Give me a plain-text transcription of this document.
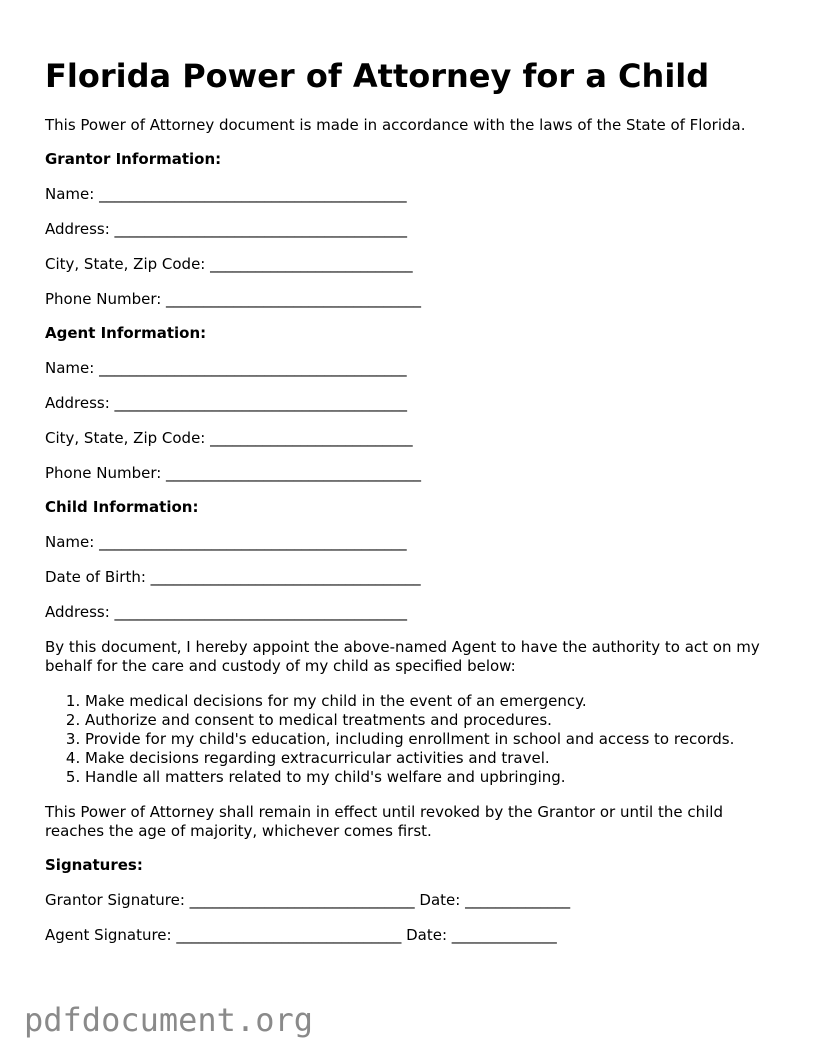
Florida Power of Attorney for a Child

This Power of Attorney document is made in accordance with the laws of the State of Florida.

Grantor Information:
Name: _________________________________________
Address: _______________________________________
City, State, Zip Code: ___________________________
Phone Number: __________________________________
Agent Information:
Name: _________________________________________
Address: _______________________________________
City, State, Zip Code: ___________________________
Phone Number: __________________________________
Child Information:
Name: _________________________________________
Date of Birth: ____________________________________
Address: _______________________________________

By this document, I hereby appoint the above-named Agent to have the authority to act on my behalf for the care and custody of my child as specified below:

1. Make medical decisions for my child in the event of an emergency.
2. Authorize and consent to medical treatments and procedures.
3. Provide for my child's education, including enrollment in school and access to records.
4. Make decisions regarding extracurricular activities and travel.
5. Handle all matters related to my child's welfare and upbringing.

This Power of Attorney shall remain in effect until revoked by the Grantor or until the child reaches the age of majority, whichever comes first.

Signatures:
Grantor Signature: ______________________________ Date: ______________
Agent Signature: ______________________________ Date: ______________
pdfdocument.org
